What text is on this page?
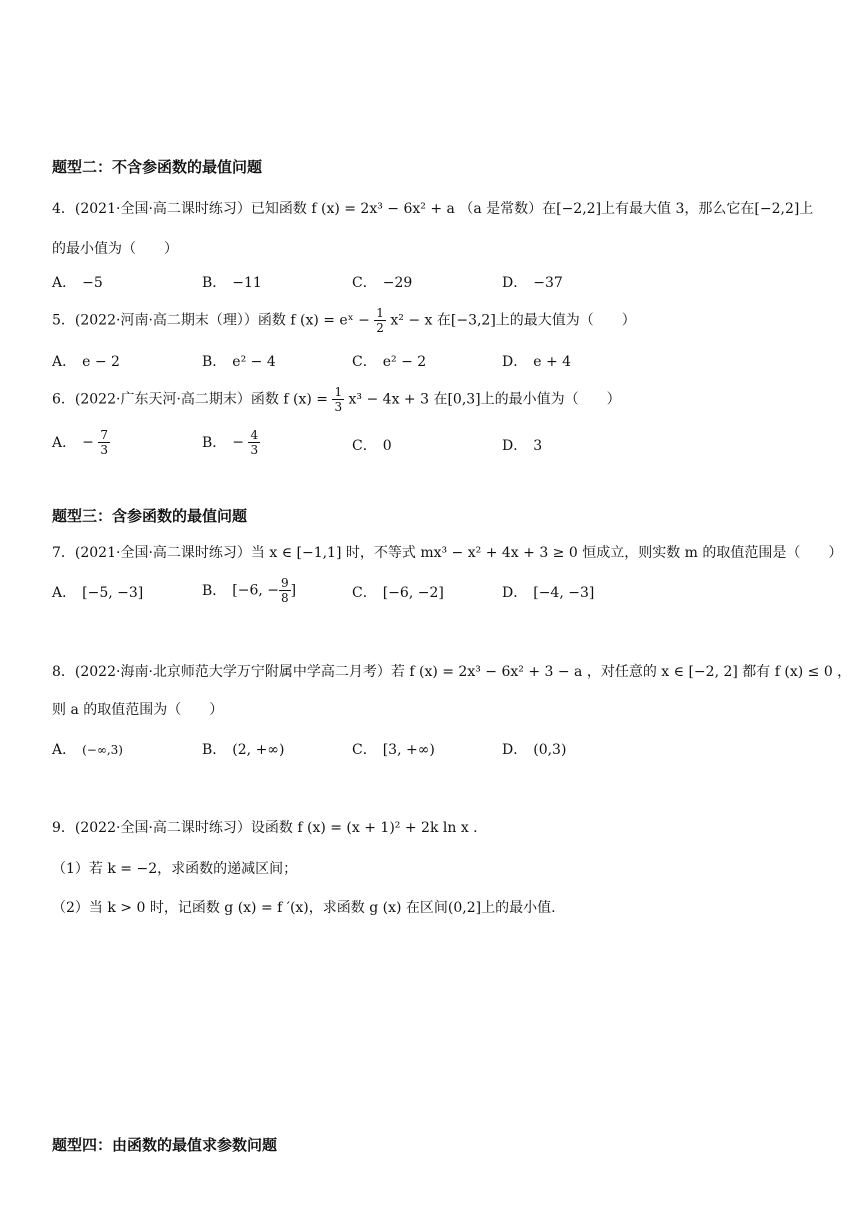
题型二：不含参函数的最值问题
4．(2021·全国·高二课时练习）已知函数 f (x) = 2x³ − 6x² + a （a 是常数）在[−2,2]上有最大值 3，那么它在[−2,2]上
的最小值为（　　）
A． −5	B． −11	C． −29	D． −37
5．(2022·河南·高二期末（理））函数 f (x) = eˣ − $\frac{1}{2} x^2 - x$ 在[−3,2]上的最大值为（　　）
A． e − 2	B． e² − 4	C． e² − 2	D． e + 4
6．(2022·广东天河·高二期末）函数 f $(x) = \frac{1}{3} x^3 - 4x + 3$ 在[0,3]上的最小值为（　　）
A． − $\frac{7}{3}$	B． − $\frac{4}{3}$	C． 0	D． 3
题型三：含参函数的最值问题
7．(2021·全国·高二课时练习）当 x ∈ [−1,1] 时，不等式 mx³ − x² + 4x + 3 ≥ 0 恒成立，则实数 m 的取值范围是（　　）
A． [−5, −3]	B． [−6, − $\frac{9}{8}$ ]	C． [−6, −2]	D． [−4, −3]
8．(2022·海南·北京师范大学万宁附属中学高二月考）若 f (x) = 2x³ − 6x² + 3 − a ，对任意的 x ∈ [−2, 2] 都有 f (x) ≤ 0 ，
则 a 的取值范围为（　　）
A． (−∞,3)	B． (2, +∞)	C． [3, +∞)	D． (0,3)
9．(2022·全国·高二课时练习）设函数 f (x) = (x + 1)² + 2k ln x .
（1）若 k = −2，求函数的递减区间；
（2）当 k > 0 时，记函数 g (x) = f ′(x)，求函数 g (x) 在区间(0,2]上的最小值.
题型四：由函数的最值求参数问题
